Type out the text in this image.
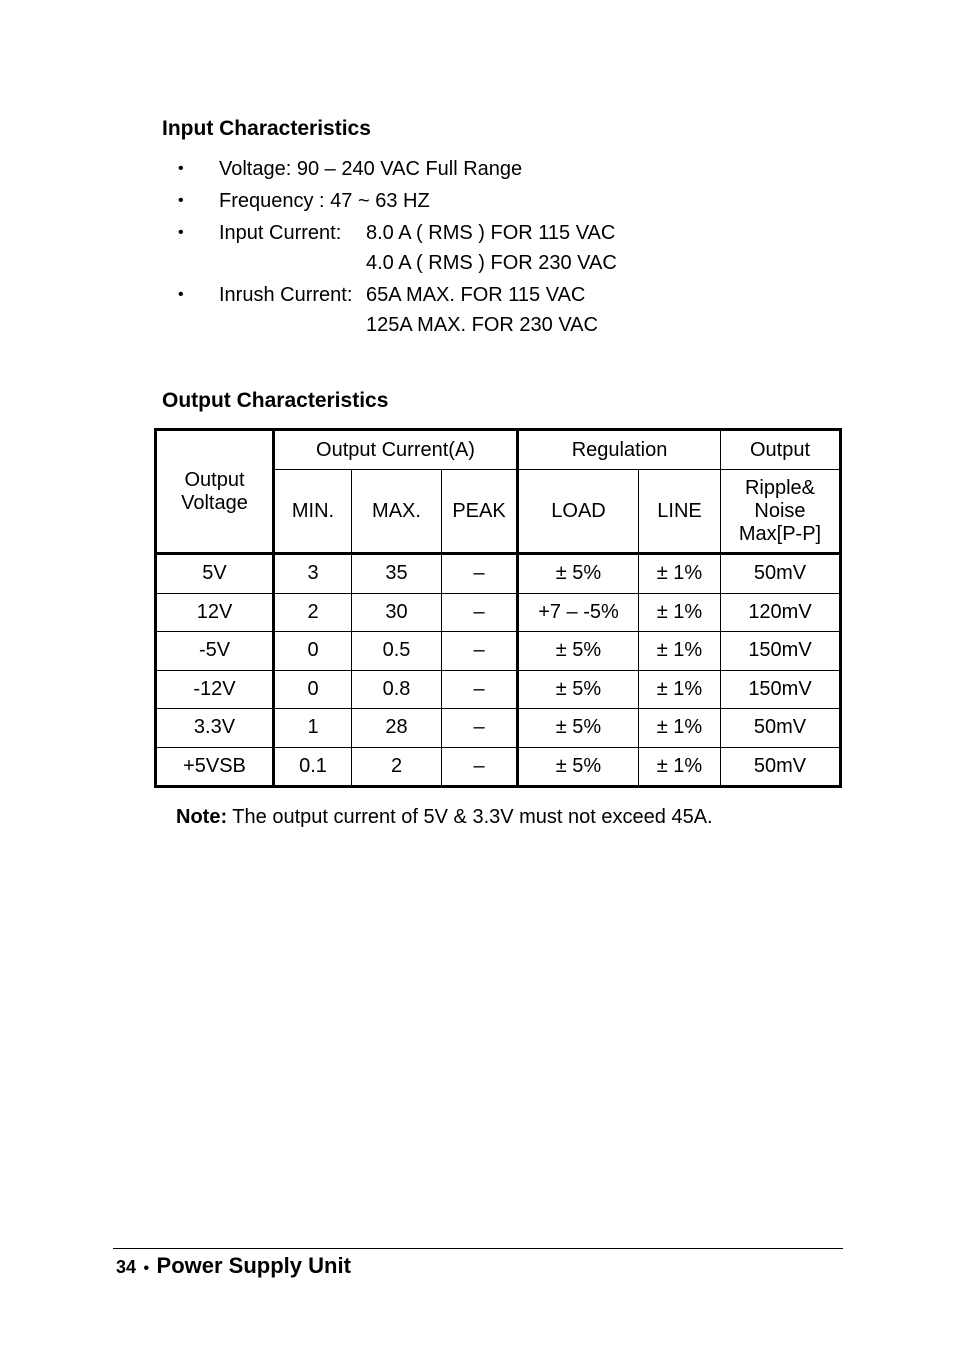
Input Characteristics
• Voltage: 90 – 240 VAC Full Range
• Frequency : 47 ~ 63 HZ
• Input Current: 8.0 A ( RMS ) FOR 115 VAC
4.0 A ( RMS ) FOR 230 VAC
• Inrush Current: 65A MAX. FOR 115 VAC
125A MAX. FOR 230 VAC
Output Characteristics
Output Voltage	Output Current(A)			Regulation		Output
	MIN.	MAX.	PEAK	LOAD	LINE	Ripple& Noise Max[P-P]

5V	3	35	–	± 5%	± 1%	50mV
12V	2	30	–	+7 – -5%	± 1%	120mV
-5V	0	0.5	–	± 5%	± 1%	150mV
-12V	0	0.8	–	± 5%	± 1%	150mV
3.3V	1	28	–	± 5%	± 1%	50mV
+5VSB	0.1	2	–	± 5%	± 1%	50mV

Note: The output current of 5V & 3.3V must not exceed 45A.

34 • Power Supply Unit
